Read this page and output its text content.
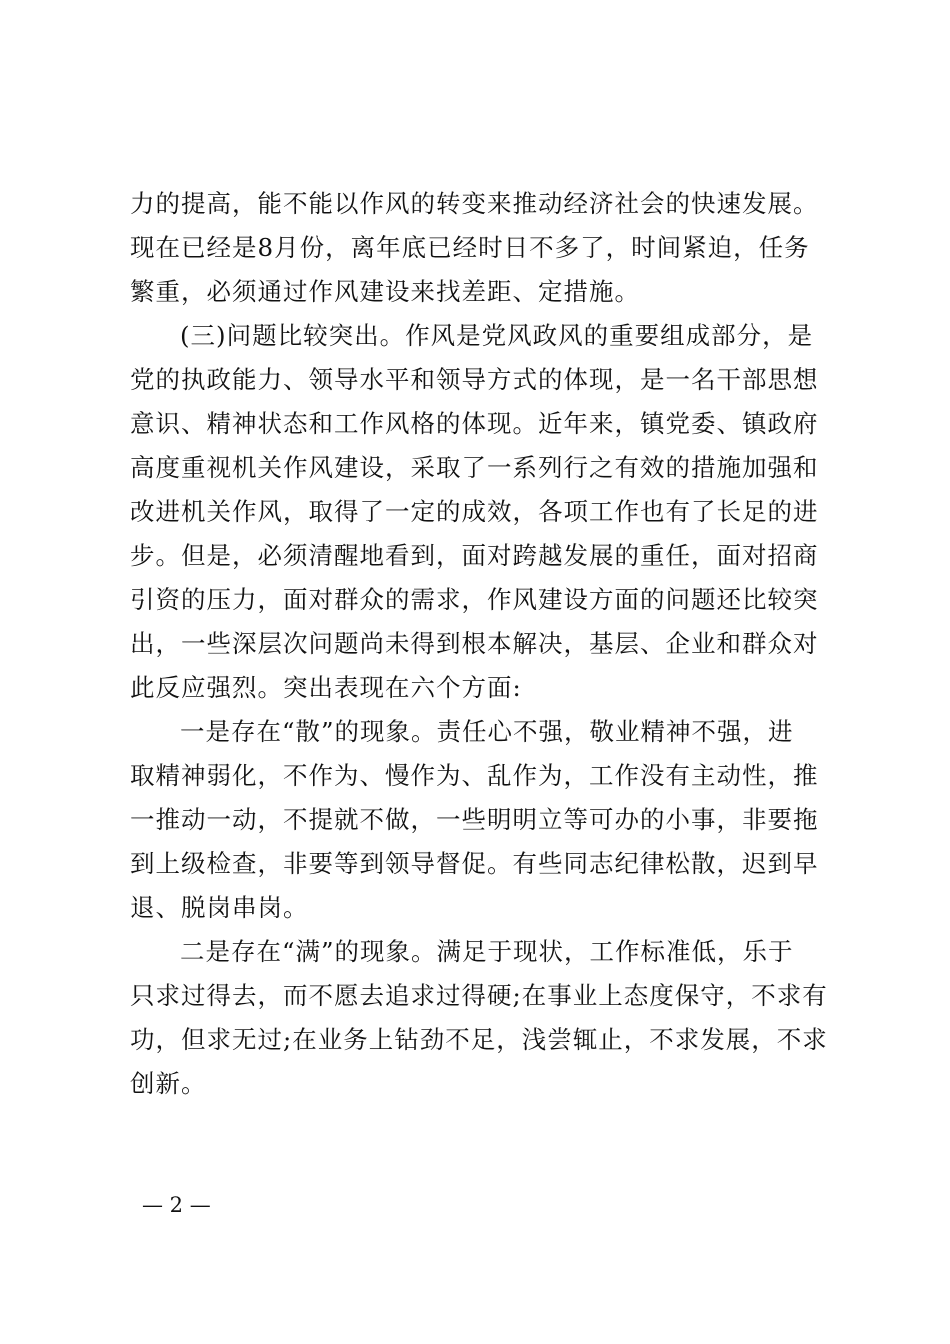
力的提高，能不能以作风的转变来推动经济社会的快速发展。
现在已经是8月份，离年底已经时日不多了，时间紧迫，任务
繁重，必须通过作风建设来找差距、定措施。
(三)问题比较突出。作风是党风政风的重要组成部分，是
党的执政能力、领导水平和领导方式的体现，是一名干部思想
意识、精神状态和工作风格的体现。近年来，镇党委、镇政府
高度重视机关作风建设，采取了一系列行之有效的措施加强和
改进机关作风，取得了一定的成效，各项工作也有了长足的进
步。但是，必须清醒地看到，面对跨越发展的重任，面对招商
引资的压力，面对群众的需求，作风建设方面的问题还比较突
出，一些深层次问题尚未得到根本解决，基层、企业和群众对
此反应强烈。突出表现在六个方面:
一是存在“散”的现象。责任心不强，敬业精神不强，进
取精神弱化，不作为、慢作为、乱作为，工作没有主动性，推
一推动一动，不提就不做，一些明明立等可办的小事，非要拖
到上级检查，非要等到领导督促。有些同志纪律松散，迟到早
退、脱岗串岗。
二是存在“满”的现象。满足于现状，工作标准低，乐于
只求过得去，而不愿去追求过得硬;在事业上态度保守，不求有
功，但求无过;在业务上钻劲不足，浅尝辄止，不求发展，不求
创新。
— 2 —
